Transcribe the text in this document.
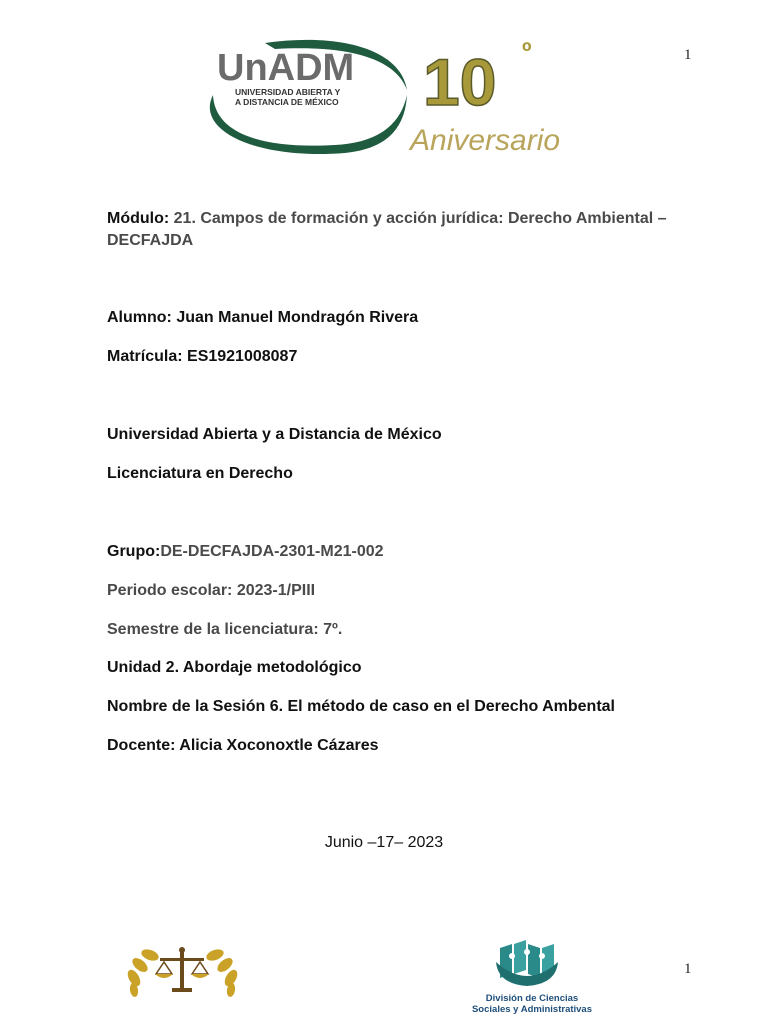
1
UnADM
UNIVERSIDAD ABIERTA Y
A DISTANCIA DE MÉXICO 10 º
Aniversario
Módulo: 21. Campos de formación y acción jurídica: Derecho Ambiental – DECFAJDA
Alumno: Juan Manuel Mondragón Rivera
Matrícula: ES1921008087
Universidad Abierta y a Distancia de México
Licenciatura en Derecho
Grupo:DE-DECFAJDA-2301-M21-002
Periodo escolar: 2023-1/PIII
Semestre de la licenciatura: 7º.
Unidad 2. Abordaje metodológico
Nombre de la Sesión 6. El método de caso en el Derecho Ambental
Docente: Alicia Xoconoxtle Cázares
Junio –17– 2023
División de Ciencias
Sociales y Administrativas
1
